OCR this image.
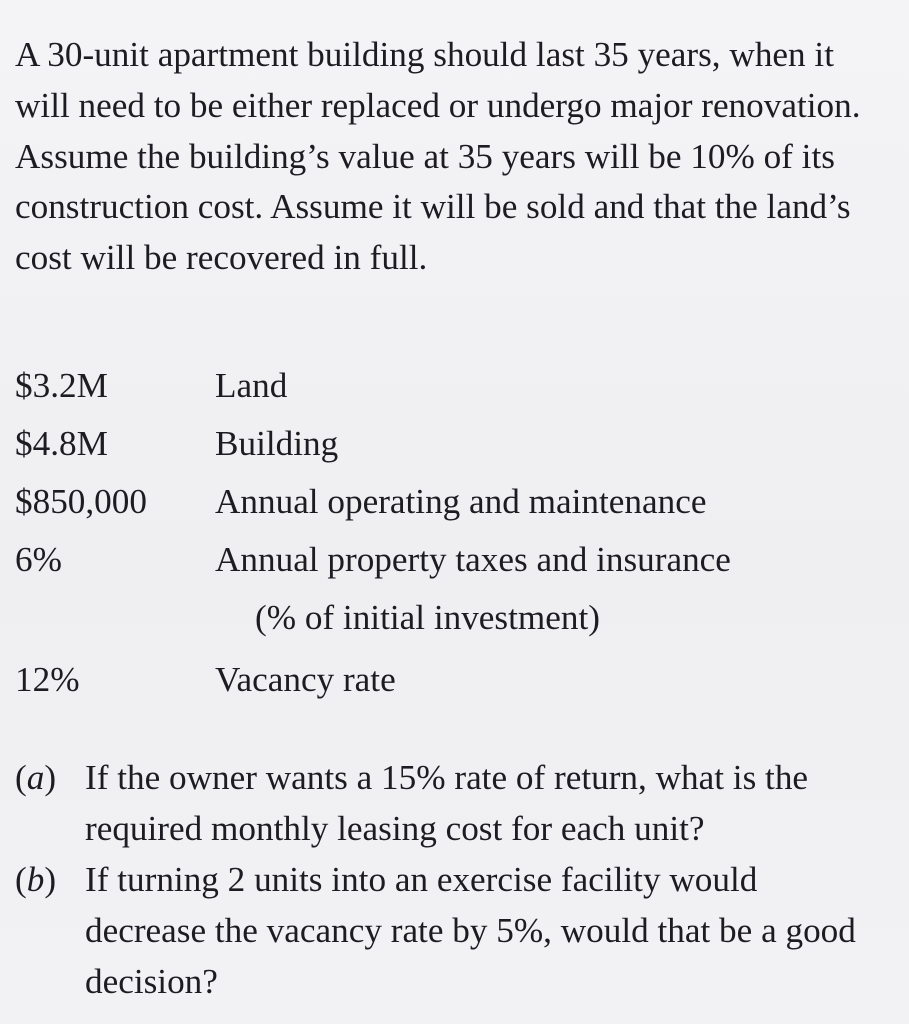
A 30-unit apartment building should last 35 years, when it will need to be either replaced or undergo major renovation. Assume the building’s value at 35 years will be 10% of its construction cost. Assume it will be sold and that the land’s cost will be recovered in full.

$3.2M	Land
$4.8M	Building
$850,000 Annual operating and maintenance
6%	Annual property taxes and insurance
(% of initial investment)
12%	Vacancy rate
(a) If the owner wants a 15% rate of return, what is the required monthly leasing cost for each unit?
(b) If turning 2 units into an exercise facility would decrease the vacancy rate by 5%, would that be a good decision?
